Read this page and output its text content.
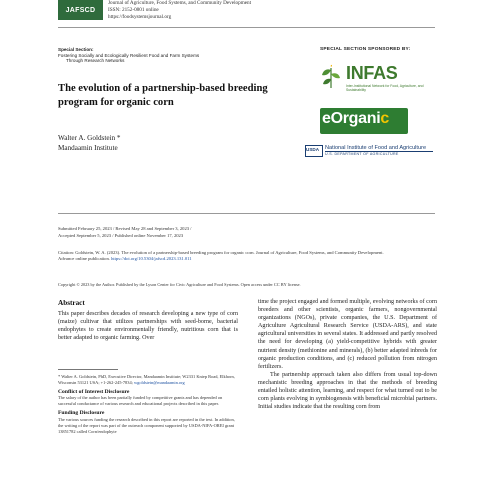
JAFSCD
Journal of Agriculture, Food Systems, and Community Development
ISSN: 2152-0801 online
https://foodsystemsjournal.org
Special Section:
Fostering Socially and Ecologically Resilient Food and Farm Systems
Through Research Networks
SPECIAL SECTION SPONSORED BY:
INFAS
Inter-Institutional Network for Food, Agriculture, and Sustainability
eOrganic
USDA National Institute of Food and Agriculture
U.S. DEPARTMENT OF AGRICULTURE
The evolution of a partnership-based breeding program for organic corn
Walter A. Goldstein *
Mandaamin Institute
Submitted February 25, 2023 / Revised May 28 and September 3, 2023 /
Accepted September 5, 2023 / Published online November 17, 2023
Citation: Goldstein, W. A. (2023). The evolution of a partnership-based breeding program for organic corn. Journal of Agriculture, Food Systems, and Community Development. Advance online publication. https://doi.org/10.5304/jafscd.2023.131.011
Copyright © 2023 by the Author. Published by the Lyson Center for Civic Agriculture and Food Systems. Open access under CC BY license.
Abstract
This paper describes decades of research developing a new type of corn (maize) cultivar that utilizes partnerships with seed-borne, bacterial endophytes to create environmentally friendly, nutritious corn that is better adapted to organic farming. Over
* Walter A. Goldstein, PhD, Executive Director, Mandaamin Institute; W2331 Kniep Road, Elkhorn, Wisconsin 53121 USA; +1-262-245-7834; wgoldstein@mandaamin.org
Conflict of Interest Disclosure
The salary of the author has been partially funded by competitive grants and has depended on successful conductance of various research and educational projects described in this paper.
Funding Disclosure
The various sources funding the research described in this report are reported in the text. In addition, the writing of the report was part of the outreach component supported by USDA-NIFA-OREI grant 13851782 called Corn/endophyte

time the project engaged and formed multiple, evolving networks of corn breeders and other scientists, organic farmers, nongovernmental organizations (NGOs), private companies, the U.S. Department of Agriculture Agricultural Research Service (USDA-ARS), and state agricultural universities in several states. It addressed and partly resolved the need for developing (a) yield-competitive hybrids with greater nutrient density (methionine and minerals), (b) better adapted inbreds for organic production conditions, and (c) reduced pollution from nitrogen fertilizers.

The partnership approach taken also differs from usual top-down mechanistic breeding approaches in that the methods of breeding entailed holistic attention, learning, and respect for what turned out to be corn plants evolving in symbiogenesis with beneficial microbial partners. Initial studies indicate that the resulting corn from
